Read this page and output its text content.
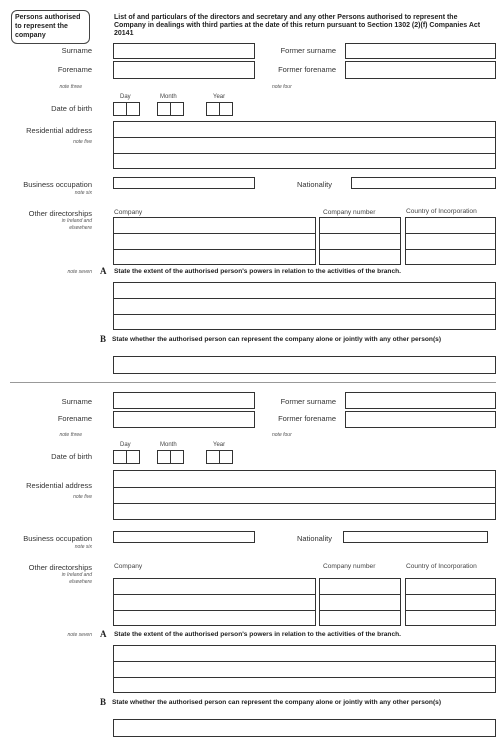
Persons authorised to represent the company
List of and particulars of the directors and secretary and any other Persons authorised to represent the Company in dealings with third parties at the date of this return pursuant to Section 1302 (2)(f) Companies Act 20141
Surname	Former surname
Forename	Former forename
note three	note four
Day	Month	Year
Date of birth
Residential address
note five
Business occupation
note six
Nationality
Other directorships
in Ireland and
elsewhere
Company	Company number	Country of Incorporation
note seven A State the extent of the authorised person's powers in relation to the activities of the branch.
B State whether the authorised person can represent the company alone or jointly with any other person(s)
Surname	Former surname
Forename	Former forename
note three	note four
Day	Month	Year
Date of birth
Residential address
note five
Business occupation
note six
Nationality
Other directorships
in Ireland and
elsewhere
Company	Company number	Country of Incorporation
note seven A State the extent of the authorised person's powers in relation to the activities of the branch.
B State whether the authorised person can represent the company alone or jointly with any other person(s)
